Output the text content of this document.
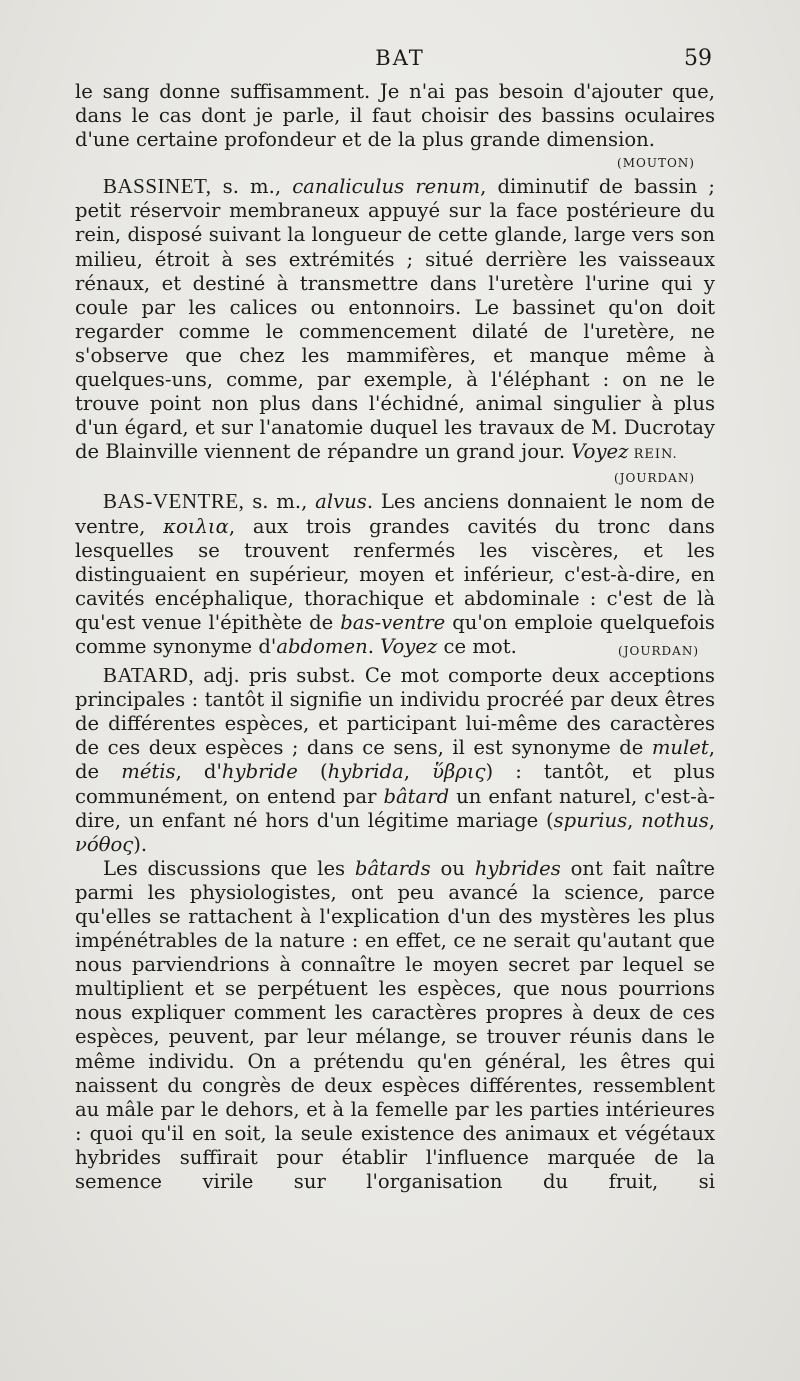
BAT	59

le sang donne suffisamment. Je n'ai pas besoin d'ajouter que,

dans le cas dont je parle, il faut choisir des bassins oculaires

d'une certaine profondeur et de la plus grande dimension.

(MOUTON)

BASSINET, s. m., canaliculus renum, diminutif de bassin ; petit réservoir membraneux appuyé sur la face postérieure du rein, disposé suivant la longueur de cette glande, large vers son milieu, étroit à ses extrémités ; situé derrière les vaisseaux rénaux, et destiné à transmettre dans l'uretère l'urine qui y coule par les calices ou entonnoirs. Le bassinet qu'on doit regarder comme le commencement dilaté de l'uretère, ne s'observe que chez les mammifères, et manque même à quelques-uns, comme, par exemple, à l'éléphant : on ne le trouve point non plus dans l'échidné, animal singulier à plus d'un égard, et sur l'anatomie duquel les travaux de M. Ducrotay de Blainville viennent de répandre un grand jour. Voyez REIN.

(JOURDAN)

BAS-VENTRE, s. m., alvus. Les anciens donnaient le nom de ventre, κοιλια, aux trois grandes cavités du tronc dans lesquelles se trouvent renfermés les viscères, et les distinguaient en supérieur, moyen et inférieur, c'est-à-dire, en cavités encéphalique, thorachique et abdominale : c'est de là qu'est venue l'épithète de bas-ventre qu'on emploie quelquefois comme synonyme d'abdomen. Voyez ce mot.	(JOURDAN)

BATARD, adj. pris subst. Ce mot comporte deux acceptions principales : tantôt il signifie un individu procréé par deux êtres de différentes espèces, et participant lui-même des caractères de ces deux espèces ; dans ce sens, il est synonyme de mulet, de métis, d'hybride (hybrida, ὕβρις) : tantôt, et plus communément, on entend par bâtard un enfant naturel, c'est-à-dire, un enfant né hors d'un légitime mariage (spurius, nothus, νόθος).

Les discussions que les bâtards ou hybrides ont fait naître parmi les physiologistes, ont peu avancé la science, parce qu'elles se rattachent à l'explication d'un des mystères les plus impénétrables de la nature : en effet, ce ne serait qu'autant que nous parviendrions à connaître le moyen secret par lequel se multiplient et se perpétuent les espèces, que nous pourrions nous expliquer comment les caractères propres à deux de ces espèces, peuvent, par leur mélange, se trouver réunis dans le même individu. On a prétendu qu'en général, les êtres qui naissent du congrès de deux espèces différentes, ressemblent au mâle par le dehors, et à la femelle par les parties intérieures : quoi qu'il en soit, la seule existence des animaux et végétaux hybrides suffirait pour établir l'influence marquée de la semence virile sur l'organisation du fruit, si
